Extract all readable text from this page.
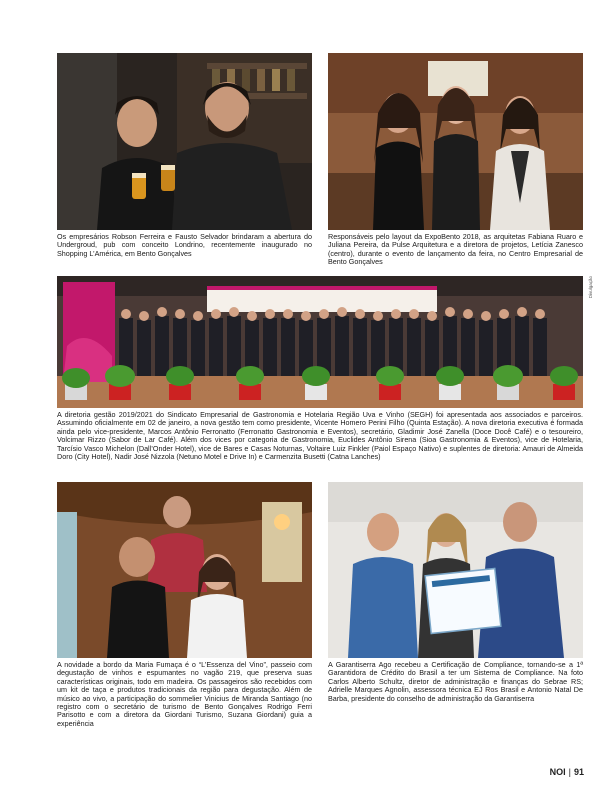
Os empresários Robson Ferreira e Fausto Selvador brindaram a abertura do Undergroud, pub com conceito Londrino, recentemente inaugurado no Shopping L’América, em Bento Gonçalves

Responsáveis pelo layout da ExpoBento 2018, as arquitetas Fabiana Ruaro e Juliana Pereira, da Pulse Arquitetura e a diretora de projetos, Letícia Zanesco (centro), durante o evento de lançamento da feira, no Centro Empresarial de Bento Gonçalves

Divulgação

A diretoria gestão 2019/2021 do Sindicato Empresarial de Gastronomia e Hotelaria Região Uva e Vinho (SEGH) foi apresentada aos associados e parceiros. Assumindo oficialmente em 02 de janeiro, a nova gestão tem como presidente, Vicente Homero Perini Filho (Quinta Estação). A nova diretoria executiva é formada ainda pelo vice-presidente, Marcos Antônio Ferronatto (Ferronatto Gastronomia e Eventos), secretário, Gladimir José Zanella (Doce Docê Café) e o tesoureiro, Volcimar Rizzo (Sabor de Lar Café). Além dos vices por categoria de Gastronomia, Euclides Antônio Sirena (Sioa Gastronomia & Eventos), vice de Hotelaria, Tarcísio Vasco Michelon (Dall’Onder Hotel), vice de Bares e Casas Noturnas, Voltaire Luiz Finkler (Paiol Espaço Nativo) e suplentes de diretoria: Amauri de Almeida Doro (City Hotel), Nadir José Nizzola (Netuno Motel e Drive In) e Carmenzita Busetti (Catna Lanches)

A novidade a bordo da Maria Fumaça é o “L’Essenza del Vino”, passeio com degustação de vinhos e espumantes no vagão 219, que preserva suas características originais, todo em madeira. Os passageiros são recebidos com um kit de taça e produtos tradicionais da região para degustação. Além de músico ao vivo, a participação do sommelier Vinicius de Miranda Santiago (no registro com o secretário de turismo de Bento Gonçalves Rodrigo Ferri Parisotto e com a diretora da Giordani Turismo, Suzana Giordani) guia a experiência

A Garantiserra Ago recebeu a Certificação de Compliance, tornando-se a 1ª Garantidora de Crédito do Brasil a ter um Sistema de Compliance. Na foto Carlos Alberto Schultz, diretor de administração e finanças do Sebrae RS; Adrielle Marques Agnolin, assessora técnica EJ Ros Brasil e Antonio Natal De Barba, presidente do conselho de administração da Garantiserra

NOI | 91
